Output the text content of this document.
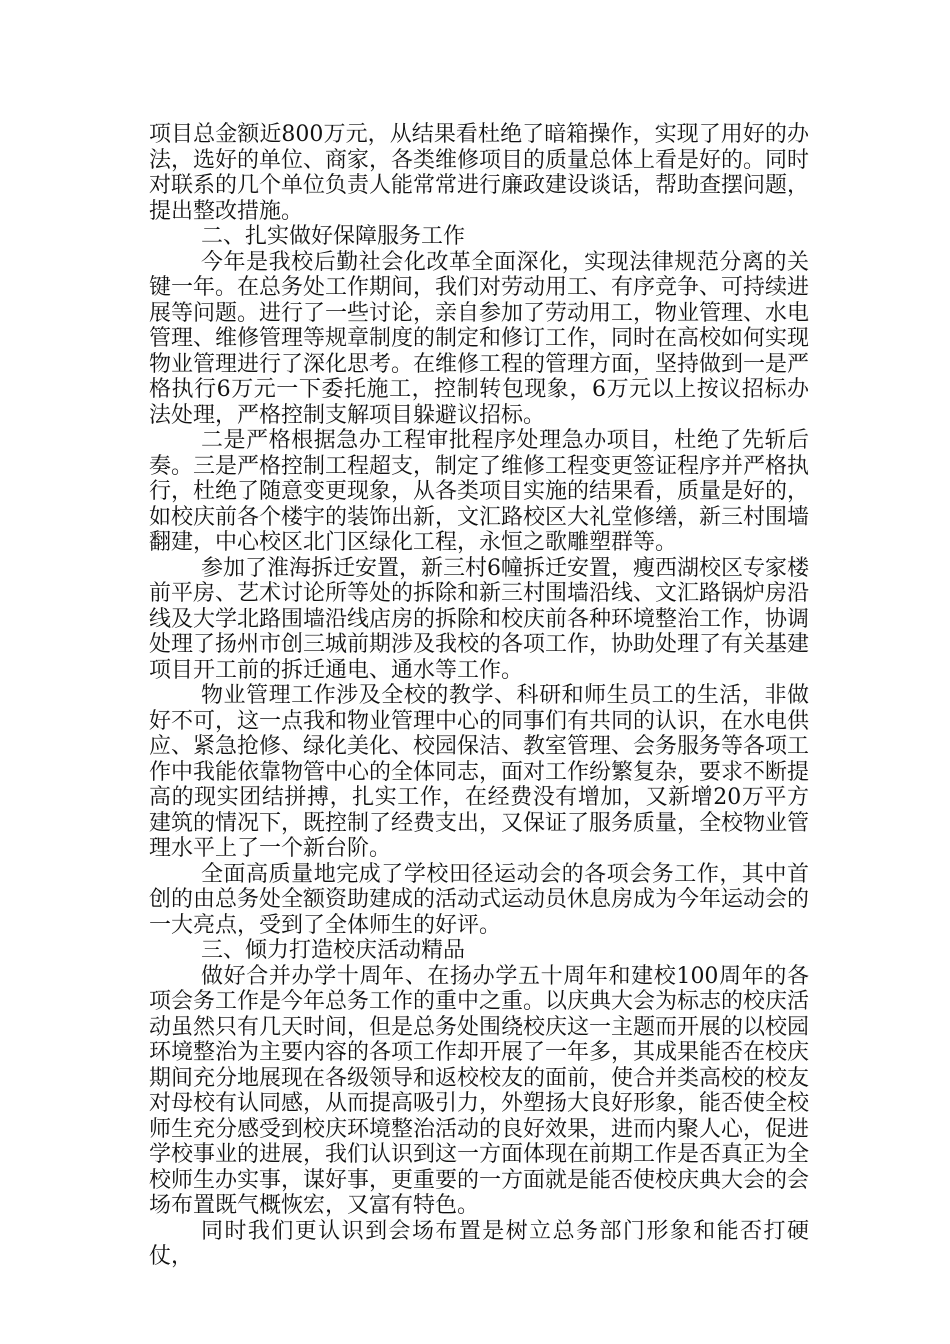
项目总金额近800万元，从结果看杜绝了暗箱操作，实现了用好的办法，选好的单位、商家，各类维修项目的质量总体上看是好的。同时对联系的几个单位负责人能常常进行廉政建设谈话，帮助查摆问题，提出整改措施。

二、扎实做好保障服务工作

今年是我校后勤社会化改革全面深化，实现法律规范分离的关键一年。在总务处工作期间，我们对劳动用工、有序竞争、可持续进展等问题。进行了一些讨论，亲自参加了劳动用工，物业管理、水电管理、维修管理等规章制度的制定和修订工作，同时在高校如何实现物业管理进行了深化思考。在维修工程的管理方面，坚持做到一是严格执行6万元一下委托施工，控制转包现象，6万元以上按议招标办法处理，严格控制支解项目躲避议招标。

二是严格根据急办工程审批程序处理急办项目，杜绝了先斩后奏。三是严格控制工程超支，制定了维修工程变更签证程序并严格执行，杜绝了随意变更现象，从各类项目实施的结果看，质量是好的，如校庆前各个楼宇的装饰出新，文汇路校区大礼堂修缮，新三村围墙翻建，中心校区北门区绿化工程，永恒之歌雕塑群等。

参加了淮海拆迁安置，新三村6幢拆迁安置，瘦西湖校区专家楼前平房、艺术讨论所等处的拆除和新三村围墙沿线、文汇路锅炉房沿线及大学北路围墙沿线店房的拆除和校庆前各种环境整治工作，协调处理了扬州市创三城前期涉及我校的各项工作，协助处理了有关基建项目开工前的拆迁通电、通水等工作。

物业管理工作涉及全校的教学、科研和师生员工的生活，非做好不可，这一点我和物业管理中心的同事们有共同的认识，在水电供应、紧急抢修、绿化美化、校园保洁、教室管理、会务服务等各项工作中我能依靠物管中心的全体同志，面对工作纷繁复杂，要求不断提高的现实团结拼搏，扎实工作，在经费没有增加，又新增20万平方建筑的情况下，既控制了经费支出，又保证了服务质量，全校物业管理水平上了一个新台阶。

全面高质量地完成了学校田径运动会的各项会务工作，其中首创的由总务处全额资助建成的活动式运动员休息房成为今年运动会的一大亮点，受到了全体师生的好评。

三、倾力打造校庆活动精品

做好合并办学十周年、在扬办学五十周年和建校100周年的各项会务工作是今年总务工作的重中之重。以庆典大会为标志的校庆活动虽然只有几天时间，但是总务处围绕校庆这一主题而开展的以校园环境整治为主要内容的各项工作却开展了一年多，其成果能否在校庆期间充分地展现在各级领导和返校校友的面前，使合并类高校的校友对母校有认同感，从而提高吸引力，外塑扬大良好形象，能否使全校师生充分感受到校庆环境整治活动的良好效果，进而内聚人心，促进学校事业的进展，我们认识到这一方面体现在前期工作是否真正为全校师生办实事，谋好事，更重要的一方面就是能否使校庆典大会的会场布置既气概恢宏，又富有特色。

同时我们更认识到会场布置是树立总务部门形象和能否打硬仗，
